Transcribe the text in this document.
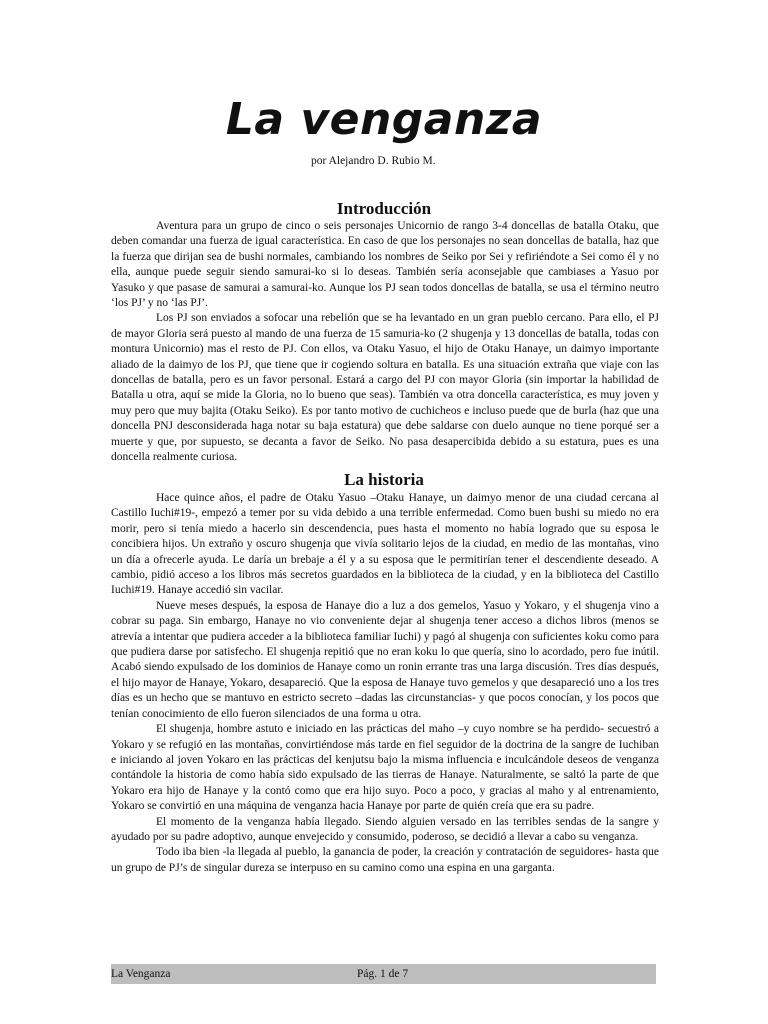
La venganza
por Alejandro D. Rubio M.
Introducción

Aventura para un grupo de cinco o seis personajes Unicornio de rango 3-4 doncellas de batalla Otaku, que deben comandar una fuerza de igual característica. En caso de que los personajes no sean doncellas de batalla, haz que la fuerza que dirijan sea de bushi normales, cambiando los nombres de Seiko por Sei y refiriéndote a Sei como él y no ella, aunque puede seguir siendo samurai-ko si lo deseas. También sería aconsejable que cambiases a Yasuo por Yasuko y que pasase de samurai a samurai-ko. Aunque los PJ sean todos doncellas de batalla, se usa el término neutro ‘los PJ’ y no ‘las PJ’.

Los PJ son enviados a sofocar una rebelión que se ha levantado en un gran pueblo cercano. Para ello, el PJ de mayor Gloria será puesto al mando de una fuerza de 15 samuria-ko (2 shugenja y 13 doncellas de batalla, todas con montura Unicornio) mas el resto de PJ. Con ellos, va Otaku Yasuo, el hijo de Otaku Hanaye, un daimyo importante aliado de la daimyo de los PJ, que tiene que ir cogiendo soltura en batalla. Es una situación extraña que viaje con las doncellas de batalla, pero es un favor personal. Estará a cargo del PJ con mayor Gloria (sin importar la habilidad de Batalla u otra, aquí se mide la Gloria, no lo bueno que seas). También va otra doncella característica, es muy joven y muy pero que muy bajita (Otaku Seiko). Es por tanto motivo de cuchicheos e incluso puede que de burla (haz que una doncella PNJ desconsiderada haga notar su baja estatura) que debe saldarse con duelo aunque no tiene porqué ser a muerte y que, por supuesto, se decanta a favor de Seiko. No pasa desapercibida debido a su estatura, pues es una doncella realmente curiosa.

La historia

Hace quince años, el padre de Otaku Yasuo –Otaku Hanaye, un daimyo menor de una ciudad cercana al Castillo Iuchi#19-, empezó a temer por su vida debido a una terrible enfermedad. Como buen bushi su miedo no era morir, pero si tenía miedo a hacerlo sin descendencia, pues hasta el momento no había logrado que su esposa le concibiera hijos. Un extraño y oscuro shugenja que vivía solitario lejos de la ciudad, en medio de las montañas, vino un día a ofrecerle ayuda. Le daría un brebaje a él y a su esposa que le permitirían tener el descendiente deseado. A cambio, pidió acceso a los libros más secretos guardados en la biblioteca de la ciudad, y en la biblioteca del Castillo Iuchi#19. Hanaye accedió sin vacilar.

Nueve meses después, la esposa de Hanaye dio a luz a dos gemelos, Yasuo y Yokaro, y el shugenja vino a cobrar su paga. Sin embargo, Hanaye no vio conveniente dejar al shugenja tener acceso a dichos libros (menos se atrevía a intentar que pudiera acceder a la biblioteca familiar Iuchi) y pagó al shugenja con suficientes koku como para que pudiera darse por satisfecho. El shugenja repitió que no eran koku lo que quería, sino lo acordado, pero fue inútil. Acabó siendo expulsado de los dominios de Hanaye como un ronin errante tras una larga discusión. Tres días después, el hijo mayor de Hanaye, Yokaro, desapareció. Que la esposa de Hanaye tuvo gemelos y que desapareció uno a los tres días es un hecho que se mantuvo en estricto secreto –dadas las circunstancias- y que pocos conocían, y los pocos que tenían conocimiento de ello fueron silenciados de una forma u otra.

El shugenja, hombre astuto e iniciado en las prácticas del maho –y cuyo nombre se ha perdido- secuestró a Yokaro y se refugió en las montañas, convirtiéndose más tarde en fiel seguidor de la doctrina de la sangre de Iuchiban e iniciando al joven Yokaro en las prácticas del kenjutsu bajo la misma influencia e inculcándole deseos de venganza contándole la historia de como había sido expulsado de las tierras de Hanaye. Naturalmente, se saltó la parte de que Yokaro era hijo de Hanaye y la contó como que era hijo suyo. Poco a poco, y gracias al maho y al entrenamiento, Yokaro se convirtió en una máquina de venganza hacia Hanaye por parte de quién creía que era su padre.

El momento de la venganza había llegado. Siendo alguien versado en las terribles sendas de la sangre y ayudado por su padre adoptivo, aunque envejecido y consumido, poderoso, se decidió a llevar a cabo su venganza.

Todo iba bien -la llegada al pueblo, la ganancia de poder, la creación y contratación de seguidores- hasta que un grupo de PJ’s de singular dureza se interpuso en su camino como una espina en una garganta.

La Venganza	Pág. 1 de 7
